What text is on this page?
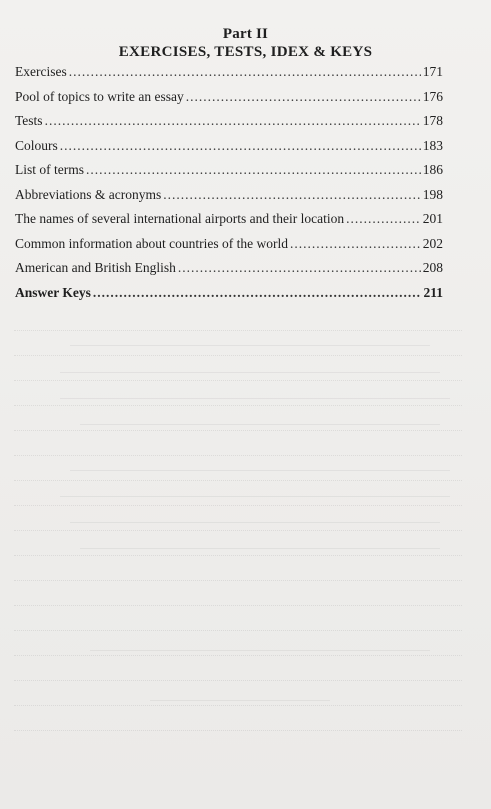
Part II
EXERCISES, TESTS, IDEX & KEYS
Exercises .....	171
Pool of topics to write an essay .....	176
Tests .....	178
Colours .....	183
List of terms .....	186
Abbreviations & acronyms .....	198
The names of several international airports and their location .....	201
Common information about countries of the world .....	202
American and British English .....	208
Answer Keys .....	211
